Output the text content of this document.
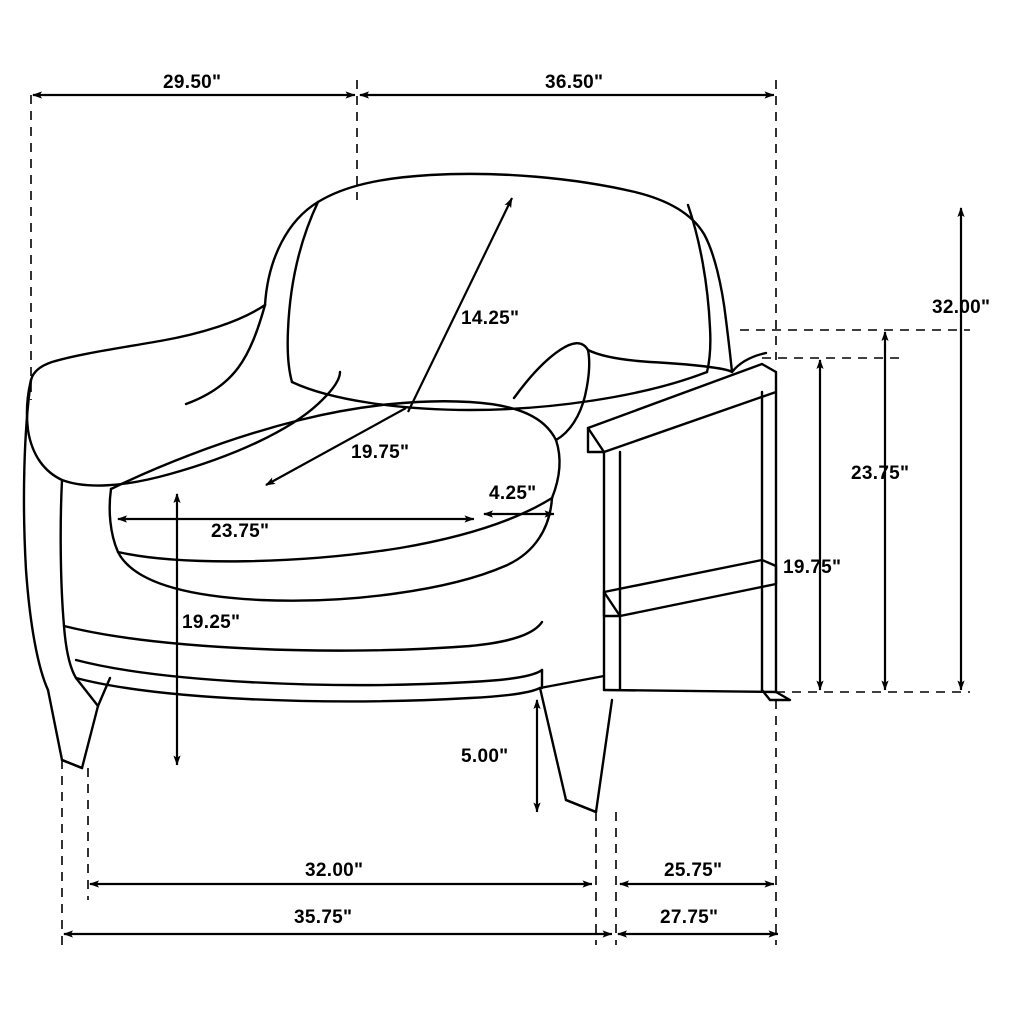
29.50"	36.50"
32.00"
23.75"
14.25"
19.75"
4.25"
23.75"
19.25"
19.75"
5.00"
32.00"	25.75"
35.75"	27.75"
